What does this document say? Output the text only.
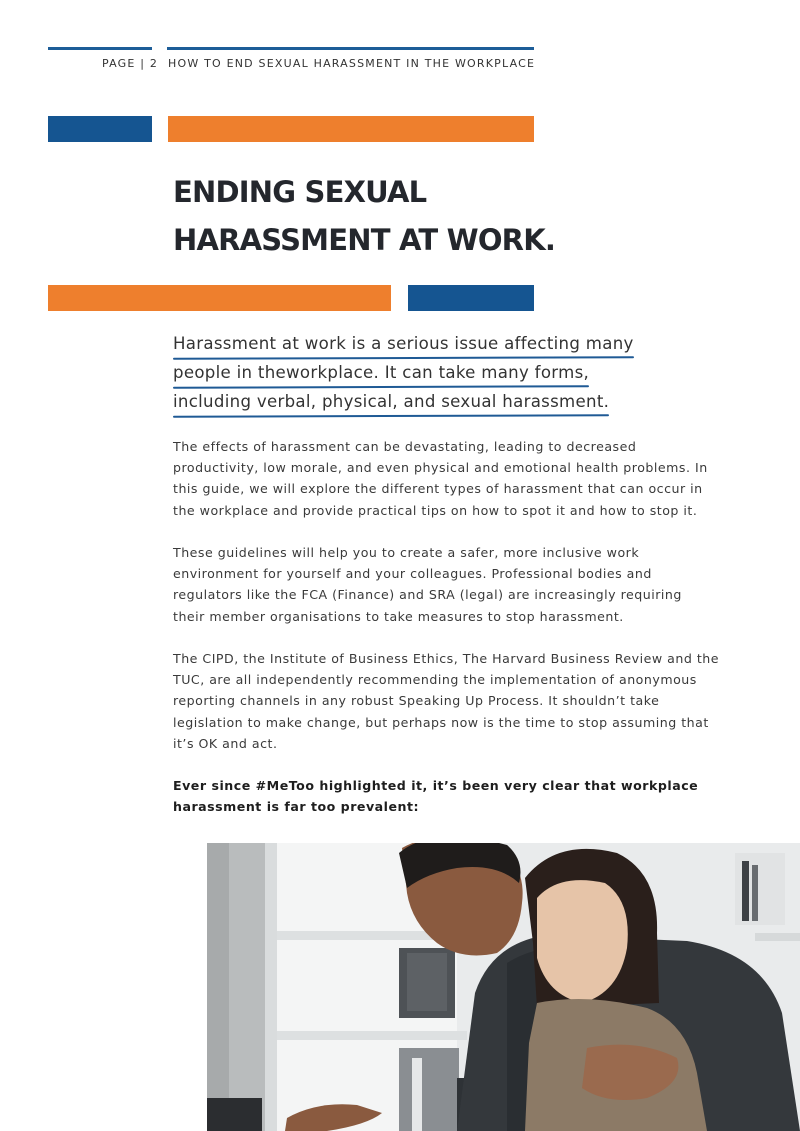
PAGE | 2 HOW TO END SEXUAL HARASSMENT IN THE WORKPLACE
ENDING SEXUAL
HARASSMENT AT WORK.
Harassment at work is a serious issue affecting many
people in theworkplace. It can take many forms,
including verbal, physical, and sexual harassment.
The effects of harassment can be devastating, leading to decreased
productivity, low morale, and even physical and emotional health problems. In
this guide, we will explore the different types of harassment that can occur in
the workplace and provide practical tips on how to spot it and how to stop it.
These guidelines will help you to create a safer, more inclusive work
environment for yourself and your colleagues. Professional bodies and
regulators like the FCA (Finance) and SRA (legal) are increasingly requiring
their member organisations to take measures to stop harassment.
The CIPD, the Institute of Business Ethics, The Harvard Business Review and the
TUC, are all independently recommending the implementation of anonymous
reporting channels in any robust Speaking Up Process. It shouldn’t take
legislation to make change, but perhaps now is the time to stop assuming that
it’s OK and act.
Ever since #MeToo highlighted it, it’s been very clear that workplace
harassment is far too prevalent:
